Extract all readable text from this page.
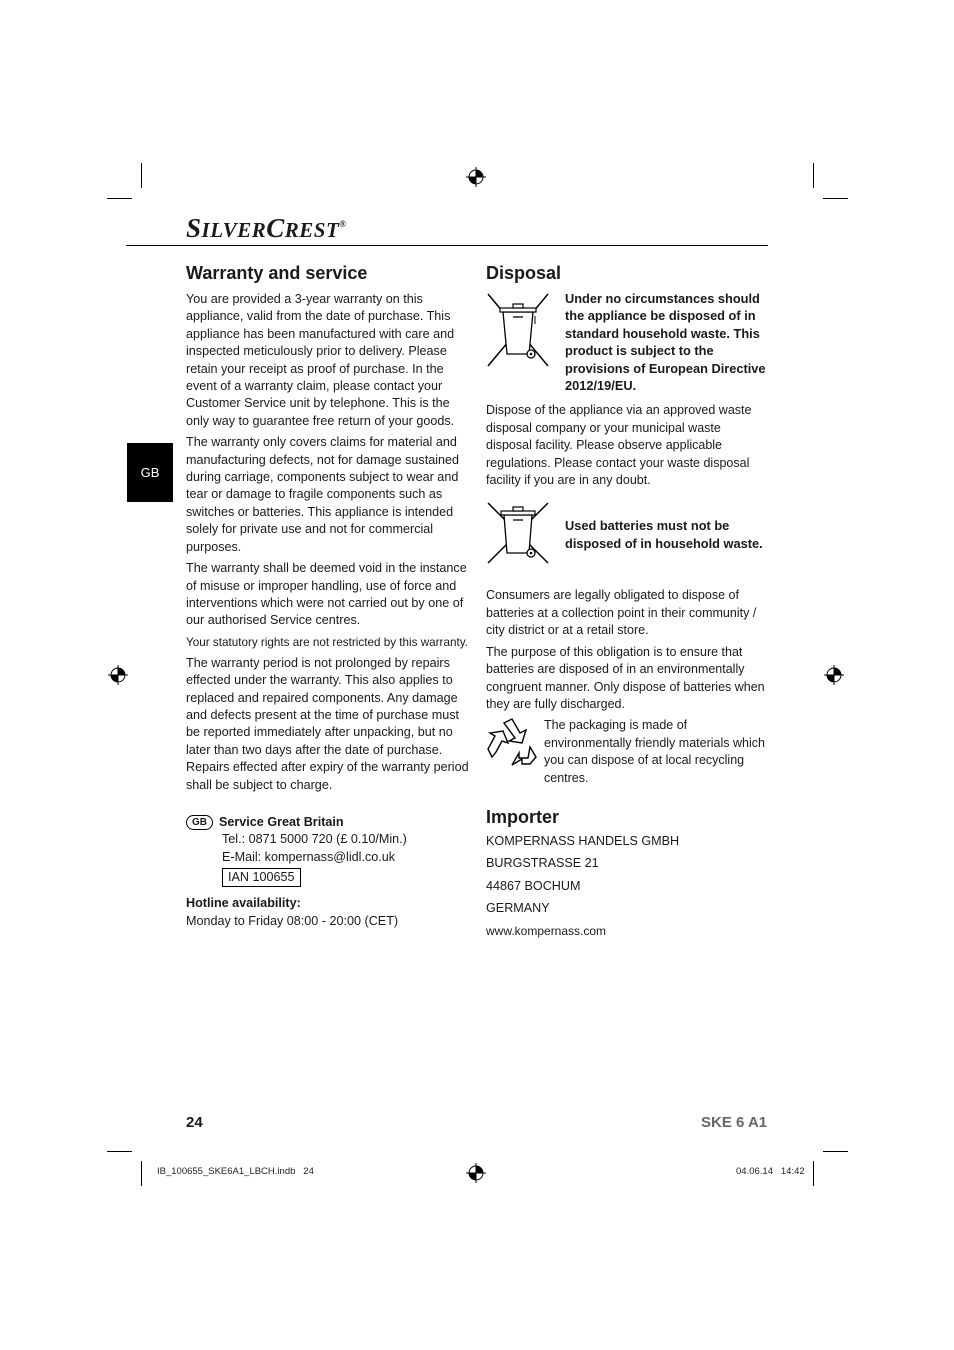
SILVERCREST®
GB
Warranty and service

You are provided a 3-year warranty on this appliance, valid from the date of purchase. This appliance has been manufactured with care and inspected meticulously prior to delivery. Please retain your receipt as proof of purchase. In the event of a warranty claim, please contact your Customer Service unit by telephone. This is the only way to guarantee free return of your goods.

The warranty only covers claims for material and manufacturing defects, not for damage sustained during carriage, components subject to wear and tear or damage to fragile components such as switches or batteries. This appliance is intended solely for private use and not for commercial purposes.

The warranty shall be deemed void in the instance of misuse or improper handling, use of force and interventions which were not carried out by one of our authorised Service centres.

Your statutory rights are not restricted by this warranty.

The warranty period is not prolonged by repairs effected under the warranty. This also applies to replaced and repaired components. Any damage and defects present at the time of purchase must be reported immediately after unpacking, but no later than two days after the date of purchase. Repairs effected after expiry of the warranty period shall be subject to charge.

GB Service Great Britain
Tel.: 0871 5000 720 (£ 0.10/Min.)
E-Mail: kompernass@lidl.co.uk
IAN 100655
Hotline availability:
Monday to Friday 08:00 - 20:00 (CET)
Disposal

Under no circumstances should the appliance be disposed of in standard household waste. This product is subject to the provisions of European Directive 2012/19/EU.

Dispose of the appliance via an approved waste disposal company or your municipal waste disposal facility. Please observe applicable regulations. Please contact your waste disposal facility if you are in any doubt.

Used batteries must not be disposed of in household waste.

Consumers are legally obligated to dispose of batteries at a collection point in their community / city district or at a retail store.

The purpose of this obligation is to ensure that batteries are disposed of in an environmentally congruent manner. Only dispose of batteries when they are fully discharged.

The packaging is made of environmentally friendly materials which you can dispose of at local recycling centres.

Importer
KOMPERNASS HANDELS GMBH
BURGSTRASSE 21
44867 BOCHUM
GERMANY
www.kompernass.com
24	SKE 6 A1
IB_100655_SKE6A1_LBCH.indb   24	04.06.14   14:42
